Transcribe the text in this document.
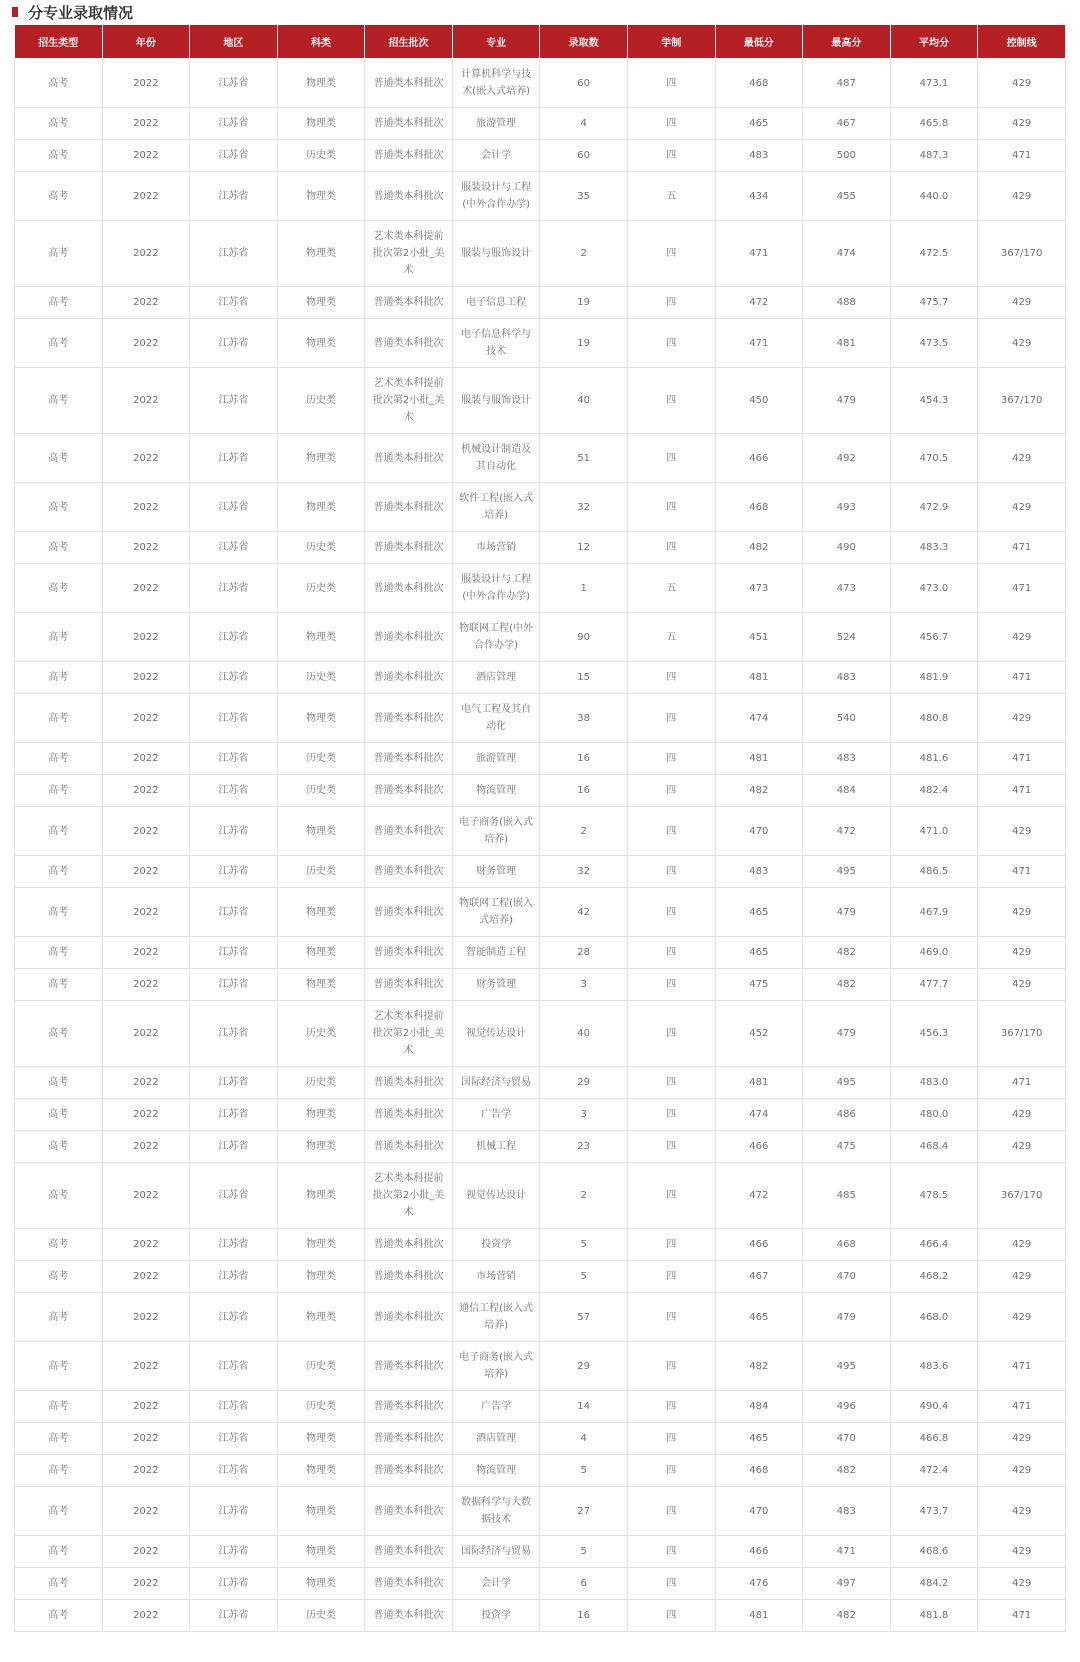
分专业录取情况
招生类型	年份	地区	科类	招生批次	专业	录取数	学制	最低分	最高分	平均分	控制线
高考	2022	江苏省	物理类	普通类本科批次	计算机科学与技术(嵌入式培养)	60	四	468	487	473.1	429
高考	2022	江苏省	物理类	普通类本科批次	旅游管理	4	四	465	467	465.8	429
高考	2022	江苏省	历史类	普通类本科批次	会计学	60	四	483	500	487.3	471
高考	2022	江苏省	物理类	普通类本科批次	服装设计与工程(中外合作办学)	35	五	434	455	440.0	429
高考	2022	江苏省	物理类	艺术类本科提前批次第2小批_美术	服装与服饰设计	2	四	471	474	472.5	367/170
高考	2022	江苏省	物理类	普通类本科批次	电子信息工程	19	四	472	488	475.7	429
高考	2022	江苏省	物理类	普通类本科批次	电子信息科学与技术	19	四	471	481	473.5	429
高考	2022	江苏省	历史类	艺术类本科提前批次第2小批_美术	服装与服饰设计	40	四	450	479	454.3	367/170
高考	2022	江苏省	物理类	普通类本科批次	机械设计制造及其自动化	51	四	466	492	470.5	429
高考	2022	江苏省	物理类	普通类本科批次	软件工程(嵌入式培养)	32	四	468	493	472.9	429
高考	2022	江苏省	历史类	普通类本科批次	市场营销	12	四	482	490	483.3	471
高考	2022	江苏省	历史类	普通类本科批次	服装设计与工程(中外合作办学)	1	五	473	473	473.0	471
高考	2022	江苏省	物理类	普通类本科批次	物联网工程(中外合作办学)	90	五	451	524	456.7	429
高考	2022	江苏省	历史类	普通类本科批次	酒店管理	15	四	481	483	481.9	471
高考	2022	江苏省	物理类	普通类本科批次	电气工程及其自动化	38	四	474	540	480.8	429
高考	2022	江苏省	历史类	普通类本科批次	旅游管理	16	四	481	483	481.6	471
高考	2022	江苏省	历史类	普通类本科批次	物流管理	16	四	482	484	482.4	471
高考	2022	江苏省	物理类	普通类本科批次	电子商务(嵌入式培养)	2	四	470	472	471.0	429
高考	2022	江苏省	历史类	普通类本科批次	财务管理	32	四	483	495	486.5	471
高考	2022	江苏省	物理类	普通类本科批次	物联网工程(嵌入式培养)	42	四	465	479	467.9	429
高考	2022	江苏省	物理类	普通类本科批次	智能制造工程	28	四	465	482	469.0	429
高考	2022	江苏省	物理类	普通类本科批次	财务管理	3	四	475	482	477.7	429
高考	2022	江苏省	历史类	艺术类本科提前批次第2小批_美术	视觉传达设计	40	四	452	479	456.3	367/170
高考	2022	江苏省	历史类	普通类本科批次	国际经济与贸易	29	四	481	495	483.0	471
高考	2022	江苏省	物理类	普通类本科批次	广告学	3	四	474	486	480.0	429
高考	2022	江苏省	物理类	普通类本科批次	机械工程	23	四	466	475	468.4	429
高考	2022	江苏省	物理类	艺术类本科提前批次第2小批_美术	视觉传达设计	2	四	472	485	478.5	367/170
高考	2022	江苏省	物理类	普通类本科批次	投资学	5	四	466	468	466.4	429
高考	2022	江苏省	物理类	普通类本科批次	市场营销	5	四	467	470	468.2	429
高考	2022	江苏省	物理类	普通类本科批次	通信工程(嵌入式培养)	57	四	465	479	468.0	429
高考	2022	江苏省	历史类	普通类本科批次	电子商务(嵌入式培养)	29	四	482	495	483.6	471
高考	2022	江苏省	历史类	普通类本科批次	广告学	14	四	484	496	490.4	471
高考	2022	江苏省	物理类	普通类本科批次	酒店管理	4	四	465	470	466.8	429
高考	2022	江苏省	物理类	普通类本科批次	物流管理	5	四	468	482	472.4	429
高考	2022	江苏省	物理类	普通类本科批次	数据科学与大数据技术	27	四	470	483	473.7	429
高考	2022	江苏省	物理类	普通类本科批次	国际经济与贸易	5	四	466	471	468.6	429
高考	2022	江苏省	物理类	普通类本科批次	会计学	6	四	476	497	484.2	429
高考	2022	江苏省	历史类	普通类本科批次	投资学	16	四	481	482	481.8	471
